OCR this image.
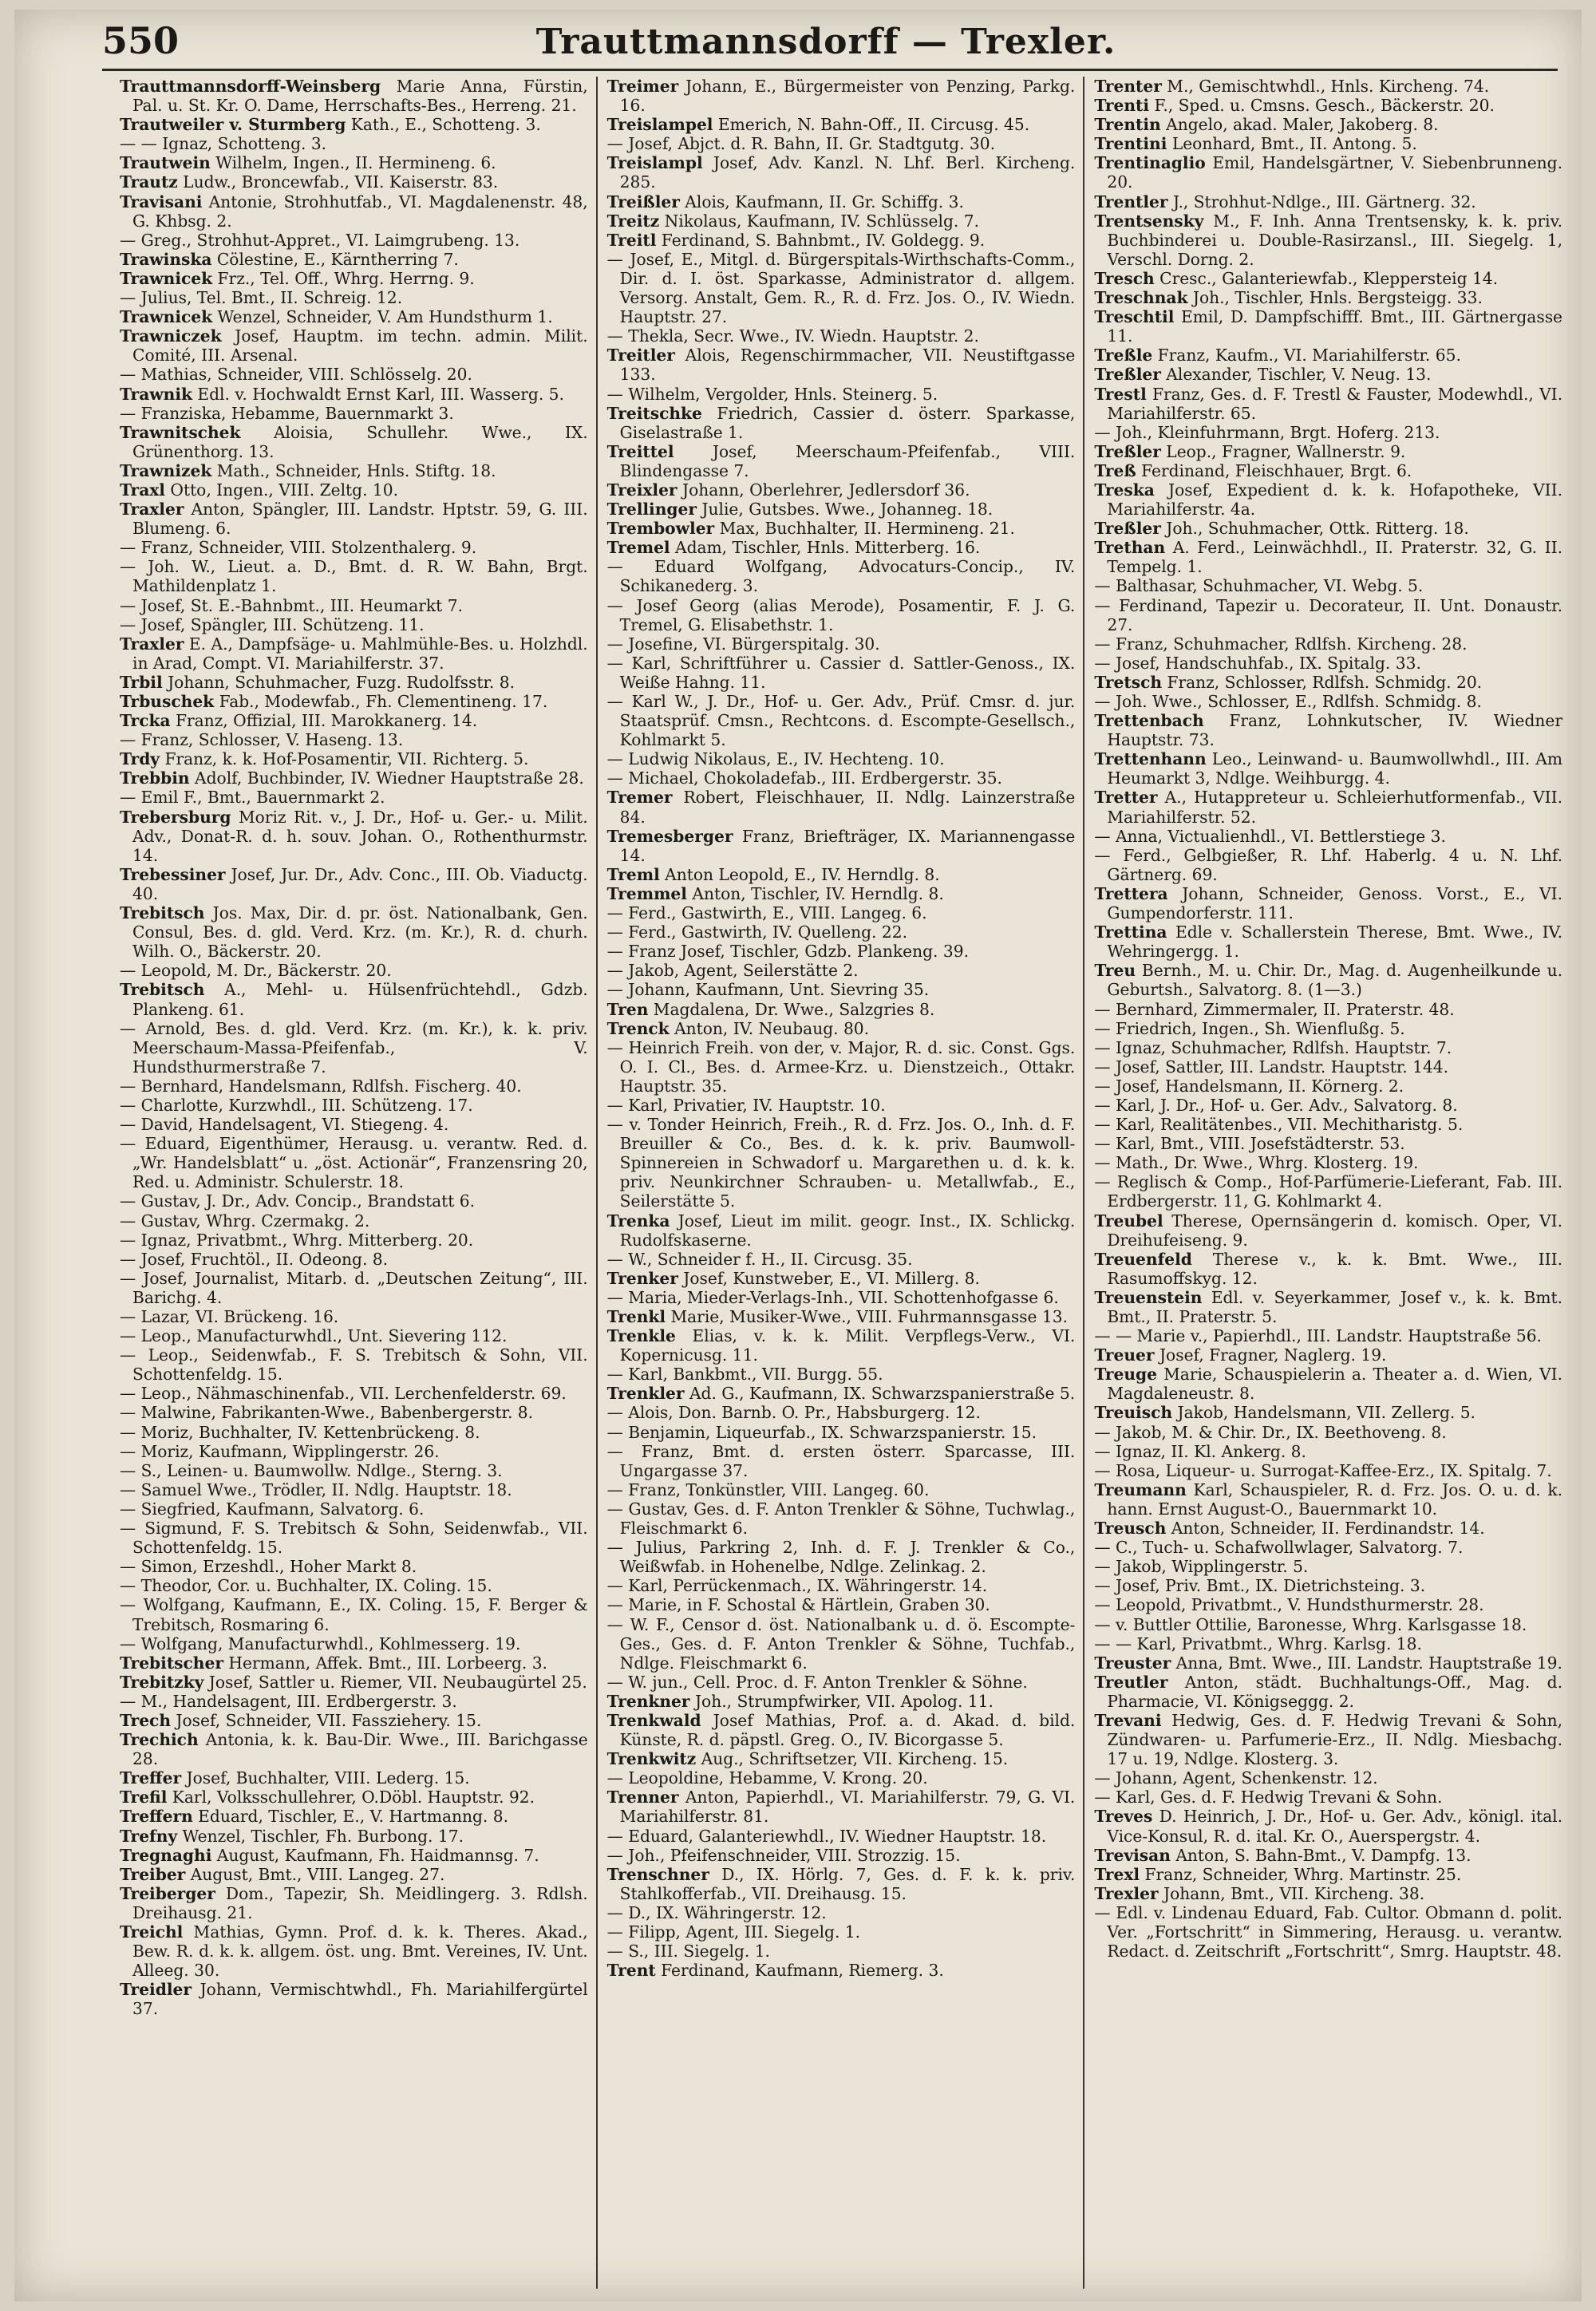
550	Trauttmannsdorff — Trexler.

Trauttmannsdorff-Weinsberg Marie Anna, Fürstin, Pal. u. St. Kr. O. Dame, Herrschafts-Bes., Herreng. 21.

Trautweiler v. Sturmberg Kath., E., Schotteng. 3.

— — Ignaz, Schotteng. 3.

Trautwein Wilhelm, Ingen., II. Hermineng. 6.

Trautz Ludw., Broncewfab., VII. Kaiserstr. 83.

Travisani Antonie, Strohhutfab., VI. Magdalenenstr. 48, G. Khbsg. 2.

— Greg., Strohhut-Appret., VI. Laimgrubeng. 13.

Trawinska Cölestine, E., Kärntherring 7.

Trawnicek Frz., Tel. Off., Whrg. Herrng. 9.

— Julius, Tel. Bmt., II. Schreig. 12.

Trawnicek Wenzel, Schneider, V. Am Hundsthurm 1.

Trawniczek Josef, Hauptm. im techn. admin. Milit. Comité, III. Arsenal.

— Mathias, Schneider, VIII. Schlösselg. 20.

Trawnik Edl. v. Hochwaldt Ernst Karl, III. Wasserg. 5.

— Franziska, Hebamme, Bauernmarkt 3.

Trawnitschek Aloisia, Schullehr. Wwe., IX. Grünenthorg. 13.

Trawnizek Math., Schneider, Hnls. Stiftg. 18.

Traxl Otto, Ingen., VIII. Zeltg. 10.

Traxler Anton, Spängler, III. Landstr. Hptstr. 59, G. III. Blumeng. 6.

— Franz, Schneider, VIII. Stolzenthalerg. 9.

— Joh. W., Lieut. a. D., Bmt. d. R. W. Bahn, Brgt. Mathildenplatz 1.

— Josef, St. E.-Bahnbmt., III. Heumarkt 7.

— Josef, Spängler, III. Schützeng. 11.

Traxler E. A., Dampfsäge- u. Mahlmühle-Bes. u. Holzhdl. in Arad, Compt. VI. Mariahilferstr. 37.

Trbil Johann, Schuhmacher, Fuzg. Rudolfsstr. 8.

Trbuschek Fab., Modewfab., Fh. Clementineng. 17.

Trcka Franz, Offizial, III. Marokkanerg. 14.

— Franz, Schlosser, V. Haseng. 13.

Trdy Franz, k. k. Hof-Posamentir, VII. Richterg. 5.

Trebbin Adolf, Buchbinder, IV. Wiedner Hauptstraße 28.

— Emil F., Bmt., Bauernmarkt 2.

Trebersburg Moriz Rit. v., J. Dr., Hof- u. Ger.- u. Milit. Adv., Donat-R. d. h. souv. Johan. O., Rothenthurmstr. 14.

Trebessiner Josef, Jur. Dr., Adv. Conc., III. Ob. Viaductg. 40.

Trebitsch Jos. Max, Dir. d. pr. öst. Nationalbank, Gen. Consul, Bes. d. gld. Verd. Krz. (m. Kr.), R. d. churh. Wilh. O., Bäckerstr. 20.

— Leopold, M. Dr., Bäckerstr. 20.

Trebitsch A., Mehl- u. Hülsenfrüchtehdl., Gdzb. Plankeng. 61.

— Arnold, Bes. d. gld. Verd. Krz. (m. Kr.), k. k. priv. Meerschaum-Massa-Pfeifenfab., V. Hundsthurmerstraße 7.

— Bernhard, Handelsmann, Rdlfsh. Fischerg. 40.

— Charlotte, Kurzwhdl., III. Schützeng. 17.

— David, Handelsagent, VI. Stiegeng. 4.

— Eduard, Eigenthümer, Herausg. u. verantw. Red. d. „Wr. Handelsblatt“ u. „öst. Actionär“, Franzensring 20, Red. u. Administr. Schulerstr. 18.

— Gustav, J. Dr., Adv. Concip., Brandstatt 6.

— Gustav, Whrg. Czermakg. 2.

— Ignaz, Privatbmt., Whrg. Mitterberg. 20.

— Josef, Fruchtöl., II. Odeong. 8.

— Josef, Journalist, Mitarb. d. „Deutschen Zeitung“, III. Barichg. 4.

— Lazar, VI. Brückeng. 16.

— Leop., Manufacturwhdl., Unt. Sievering 112.

— Leop., Seidenwfab., F. S. Trebitsch & Sohn, VII. Schottenfeldg. 15.

— Leop., Nähmaschinenfab., VII. Lerchenfelderstr. 69.

— Malwine, Fabrikanten-Wwe., Babenbergerstr. 8.

— Moriz, Buchhalter, IV. Kettenbrückeng. 8.

— Moriz, Kaufmann, Wipplingerstr. 26.

— S., Leinen- u. Baumwollw. Ndlge., Sterng. 3.

— Samuel Wwe., Trödler, II. Ndlg. Hauptstr. 18.

— Siegfried, Kaufmann, Salvatorg. 6.

— Sigmund, F. S. Trebitsch & Sohn, Seidenwfab., VII. Schottenfeldg. 15.

— Simon, Erzeshdl., Hoher Markt 8.

— Theodor, Cor. u. Buchhalter, IX. Coling. 15.

— Wolfgang, Kaufmann, E., IX. Coling. 15, F. Berger & Trebitsch, Rosmaring 6.

— Wolfgang, Manufacturwhdl., Kohlmesserg. 19.

Trebitscher Hermann, Affek. Bmt., III. Lorbeerg. 3.

Trebitzky Josef, Sattler u. Riemer, VII. Neubaugürtel 25.

— M., Handelsagent, III. Erdbergerstr. 3.

Trech Josef, Schneider, VII. Fassziehery. 15.

Trechich Antonia, k. k. Bau-Dir. Wwe., III. Barichgasse 28.

Treffer Josef, Buchhalter, VIII. Lederg. 15.

Trefil Karl, Volksschullehrer, O.Döbl. Hauptstr. 92.

Treffern Eduard, Tischler, E., V. Hartmanng. 8.

Trefny Wenzel, Tischler, Fh. Burbong. 17.

Tregnaghi August, Kaufmann, Fh. Haidmannsg. 7.

Treiber August, Bmt., VIII. Langeg. 27.

Treiberger Dom., Tapezir, Sh. Meidlingerg. 3. Rdlsh. Dreihausg. 21.

Treichl Mathias, Gymn. Prof. d. k. k. Theres. Akad., Bew. R. d. k. k. allgem. öst. ung. Bmt. Vereines, IV. Unt. Alleeg. 30.

Treidler Johann, Vermischtwhdl., Fh. Mariahilfergürtel 37.

Treimer Johann, E., Bürgermeister von Penzing, Parkg. 16.

Treislampel Emerich, N. Bahn-Off., II. Circusg. 45.

— Josef, Abjct. d. R. Bahn, II. Gr. Stadtgutg. 30.

Treislampl Josef, Adv. Kanzl. N. Lhf. Berl. Kircheng. 285.

Treißler Alois, Kaufmann, II. Gr. Schiffg. 3.

Treitz Nikolaus, Kaufmann, IV. Schlüsselg. 7.

Treitl Ferdinand, S. Bahnbmt., IV. Goldegg. 9.

— Josef, E., Mitgl. d. Bürgerspitals-Wirthschafts-Comm., Dir. d. I. öst. Sparkasse, Administrator d. allgem. Versorg. Anstalt, Gem. R., R. d. Frz. Jos. O., IV. Wiedn. Hauptstr. 27.

— Thekla, Secr. Wwe., IV. Wiedn. Hauptstr. 2.

Treitler Alois, Regenschirmmacher, VII. Neustiftgasse 133.

— Wilhelm, Vergolder, Hnls. Steinerg. 5.

Treitschke Friedrich, Cassier d. österr. Sparkasse, Giselastraße 1.

Treittel Josef, Meerschaum-Pfeifenfab., VIII. Blindengasse 7.

Treixler Johann, Oberlehrer, Jedlersdorf 36.

Trellinger Julie, Gutsbes. Wwe., Johanneg. 18.

Trembowler Max, Buchhalter, II. Hermineng. 21.

Tremel Adam, Tischler, Hnls. Mitterberg. 16.

— Eduard Wolfgang, Advocaturs-Concip., IV. Schikanederg. 3.

— Josef Georg (alias Merode), Posamentir, F. J. G. Tremel, G. Elisabethstr. 1.

— Josefine, VI. Bürgerspitalg. 30.

— Karl, Schriftführer u. Cassier d. Sattler-Genoss., IX. Weiße Hahng. 11.

— Karl W., J. Dr., Hof- u. Ger. Adv., Prüf. Cmsr. d. jur. Staatsprüf. Cmsn., Rechtcons. d. Escompte-Gesellsch., Kohlmarkt 5.

— Ludwig Nikolaus, E., IV. Hechteng. 10.

— Michael, Chokoladefab., III. Erdbergerstr. 35.

Tremer Robert, Fleischhauer, II. Ndlg. Lainzerstraße 84.

Tremesberger Franz, Briefträger, IX. Mariannengasse 14.

Treml Anton Leopold, E., IV. Herndlg. 8.

Tremmel Anton, Tischler, IV. Herndlg. 8.

— Ferd., Gastwirth, E., VIII. Langeg. 6.

— Ferd., Gastwirth, IV. Quelleng. 22.

— Franz Josef, Tischler, Gdzb. Plankeng. 39.

— Jakob, Agent, Seilerstätte 2.

— Johann, Kaufmann, Unt. Sievring 35.

Tren Magdalena, Dr. Wwe., Salzgries 8.

Trenck Anton, IV. Neubaug. 80.

— Heinrich Freih. von der, v. Major, R. d. sic. Const. Ggs. O. I. Cl., Bes. d. Armee-Krz. u. Dienstzeich., Ottakr. Hauptstr. 35.

— Karl, Privatier, IV. Hauptstr. 10.

— v. Tonder Heinrich, Freih., R. d. Frz. Jos. O., Inh. d. F. Breuiller & Co., Bes. d. k. k. priv. Baumwoll-Spinnereien in Schwadorf u. Margarethen u. d. k. k. priv. Neunkirchner Schrauben- u. Metallwfab., E., Seilerstätte 5.

Trenka Josef, Lieut im milit. geogr. Inst., IX. Schlickg. Rudolfskaserne.

— W., Schneider f. H., II. Circusg. 35.

Trenker Josef, Kunstweber, E., VI. Millerg. 8.

— Maria, Mieder-Verlags-Inh., VII. Schottenhofgasse 6.

Trenkl Marie, Musiker-Wwe., VIII. Fuhrmannsgasse 13.

Trenkle Elias, v. k. k. Milit. Verpflegs-Verw., VI. Kopernicusg. 11.

— Karl, Bankbmt., VII. Burgg. 55.

Trenkler Ad. G., Kaufmann, IX. Schwarzspanierstraße 5.

— Alois, Don. Barnb. O. Pr., Habsburgerg. 12.

— Benjamin, Liqueurfab., IX. Schwarzspanierstr. 15.

— Franz, Bmt. d. ersten österr. Sparcasse, III. Ungargasse 37.

— Franz, Tonkünstler, VIII. Langeg. 60.

— Gustav, Ges. d. F. Anton Trenkler & Söhne, Tuchwlag., Fleischmarkt 6.

— Julius, Parkring 2, Inh. d. F. J. Trenkler & Co., Weißwfab. in Hohenelbe, Ndlge. Zelinkag. 2.

— Karl, Perrückenmach., IX. Währingerstr. 14.

— Marie, in F. Schostal & Härtlein, Graben 30.

— W. F., Censor d. öst. Nationalbank u. d. ö. Escompte-Ges., Ges. d. F. Anton Trenkler & Söhne, Tuchfab., Ndlge. Fleischmarkt 6.

— W. jun., Cell. Proc. d. F. Anton Trenkler & Söhne.

Trenkner Joh., Strumpfwirker, VII. Apolog. 11.

Trenkwald Josef Mathias, Prof. a. d. Akad. d. bild. Künste, R. d. päpstl. Greg. O., IV. Bicorgasse 5.

Trenkwitz Aug., Schriftsetzer, VII. Kircheng. 15.

— Leopoldine, Hebamme, V. Krong. 20.

Trenner Anton, Papierhdl., VI. Mariahilferstr. 79, G. VI. Mariahilferstr. 81.

— Eduard, Galanteriewhdl., IV. Wiedner Hauptstr. 18.

— Joh., Pfeifenschneider, VIII. Strozzig. 15.

Trenschner D., IX. Hörlg. 7, Ges. d. F. k. k. priv. Stahlkofferfab., VII. Dreihausg. 15.

— D., IX. Währingerstr. 12.

— Filipp, Agent, III. Siegelg. 1.

— S., III. Siegelg. 1.

Trent Ferdinand, Kaufmann, Riemerg. 3.

Trenter M., Gemischtwhdl., Hnls. Kircheng. 74.

Trenti F., Sped. u. Cmsns. Gesch., Bäckerstr. 20.

Trentin Angelo, akad. Maler, Jakoberg. 8.

Trentini Leonhard, Bmt., II. Antong. 5.

Trentinaglio Emil, Handelsgärtner, V. Siebenbrunneng. 20.

Trentler J., Strohhut-Ndlge., III. Gärtnerg. 32.

Trentsensky M., F. Inh. Anna Trentsensky, k. k. priv. Buchbinderei u. Double-Rasirzansl., III. Siegelg. 1, Verschl. Dorng. 2.

Tresch Cresc., Galanteriewfab., Kleppersteig 14.

Treschnak Joh., Tischler, Hnls. Bergsteigg. 33.

Treschtil Emil, D. Dampfschifff. Bmt., III. Gärtnergasse 11.

Treßle Franz, Kaufm., VI. Mariahilferstr. 65.

Treßler Alexander, Tischler, V. Neug. 13.

Trestl Franz, Ges. d. F. Trestl & Fauster, Modewhdl., VI. Mariahilferstr. 65.

— Joh., Kleinfuhrmann, Brgt. Hoferg. 213.

Treßler Leop., Fragner, Wallnerstr. 9.

Treß Ferdinand, Fleischhauer, Brgt. 6.

Treska Josef, Expedient d. k. k. Hofapotheke, VII. Mariahilferstr. 4a.

Treßler Joh., Schuhmacher, Ottk. Ritterg. 18.

Trethan A. Ferd., Leinwächhdl., II. Praterstr. 32, G. II. Tempelg. 1.

— Balthasar, Schuhmacher, VI. Webg. 5.

— Ferdinand, Tapezir u. Decorateur, II. Unt. Donaustr. 27.

— Franz, Schuhmacher, Rdlfsh. Kircheng. 28.

— Josef, Handschuhfab., IX. Spitalg. 33.

Tretsch Franz, Schlosser, Rdlfsh. Schmidg. 20.

— Joh. Wwe., Schlosser, E., Rdlfsh. Schmidg. 8.

Trettenbach Franz, Lohnkutscher, IV. Wiedner Hauptstr. 73.

Trettenhann Leo., Leinwand- u. Baumwollwhdl., III. Am Heumarkt 3, Ndlge. Weihburgg. 4.

Tretter A., Hutappreteur u. Schleierhutformenfab., VII. Mariahilferstr. 52.

— Anna, Victualienhdl., VI. Bettlerstiege 3.

— Ferd., Gelbgießer, R. Lhf. Haberlg. 4 u. N. Lhf. Gärtnerg. 69.

Trettera Johann, Schneider, Genoss. Vorst., E., VI. Gumpendorferstr. 111.

Trettina Edle v. Schallerstein Therese, Bmt. Wwe., IV. Wehringergg. 1.

Treu Bernh., M. u. Chir. Dr., Mag. d. Augenheilkunde u. Geburtsh., Salvatorg. 8. (1—3.)

— Bernhard, Zimmermaler, II. Praterstr. 48.

— Friedrich, Ingen., Sh. Wienflußg. 5.

— Ignaz, Schuhmacher, Rdlfsh. Hauptstr. 7.

— Josef, Sattler, III. Landstr. Hauptstr. 144.

— Josef, Handelsmann, II. Körnerg. 2.

— Karl, J. Dr., Hof- u. Ger. Adv., Salvatorg. 8.

— Karl, Realitätenbes., VII. Mechitharistg. 5.

— Karl, Bmt., VIII. Josefstädterstr. 53.

— Math., Dr. Wwe., Whrg. Klosterg. 19.

— Reglisch & Comp., Hof-Parfümerie-Lieferant, Fab. III. Erdbergerstr. 11, G. Kohlmarkt 4.

Treubel Therese, Opernsängerin d. komisch. Oper, VI. Dreihufeiseng. 9.

Treuenfeld Therese v., k. k. Bmt. Wwe., III. Rasumoffskyg. 12.

Treuenstein Edl. v. Seyerkammer, Josef v., k. k. Bmt. Bmt., II. Praterstr. 5.

— — Marie v., Papierhdl., III. Landstr. Hauptstraße 56.

Treuer Josef, Fragner, Naglerg. 19.

Treuge Marie, Schauspielerin a. Theater a. d. Wien, VI. Magdaleneustr. 8.

Treuisch Jakob, Handelsmann, VII. Zellerg. 5.

— Jakob, M. & Chir. Dr., IX. Beethoveng. 8.

— Ignaz, II. Kl. Ankerg. 8.

— Rosa, Liqueur- u. Surrogat-Kaffee-Erz., IX. Spitalg. 7.

Treumann Karl, Schauspieler, R. d. Frz. Jos. O. u. d. k. hann. Ernst August-O., Bauernmarkt 10.

Treusch Anton, Schneider, II. Ferdinandstr. 14.

— C., Tuch- u. Schafwollwlager, Salvatorg. 7.

— Jakob, Wipplingerstr. 5.

— Josef, Priv. Bmt., IX. Dietrichsteing. 3.

— Leopold, Privatbmt., V. Hundsthurmerstr. 28.

— v. Buttler Ottilie, Baronesse, Whrg. Karlsgasse 18.

— — Karl, Privatbmt., Whrg. Karlsg. 18.

Treuster Anna, Bmt. Wwe., III. Landstr. Hauptstraße 19.

Treutler Anton, städt. Buchhaltungs-Off., Mag. d. Pharmacie, VI. Königseggg. 2.

Trevani Hedwig, Ges. d. F. Hedwig Trevani & Sohn, Zündwaren- u. Parfumerie-Erz., II. Ndlg. Miesbachg. 17 u. 19, Ndlge. Klosterg. 3.

— Johann, Agent, Schenkenstr. 12.

— Karl, Ges. d. F. Hedwig Trevani & Sohn.

Treves D. Heinrich, J. Dr., Hof- u. Ger. Adv., königl. ital. Vice-Konsul, R. d. ital. Kr. O., Auerspergstr. 4.

Trevisan Anton, S. Bahn-Bmt., V. Dampfg. 13.

Trexl Franz, Schneider, Whrg. Martinstr. 25.

Trexler Johann, Bmt., VII. Kircheng. 38.

— Edl. v. Lindenau Eduard, Fab. Cultor. Obmann d. polit. Ver. „Fortschritt“ in Simmering, Herausg. u. verantw. Redact. d. Zeitschrift „Fortschritt“, Smrg. Hauptstr. 48.
